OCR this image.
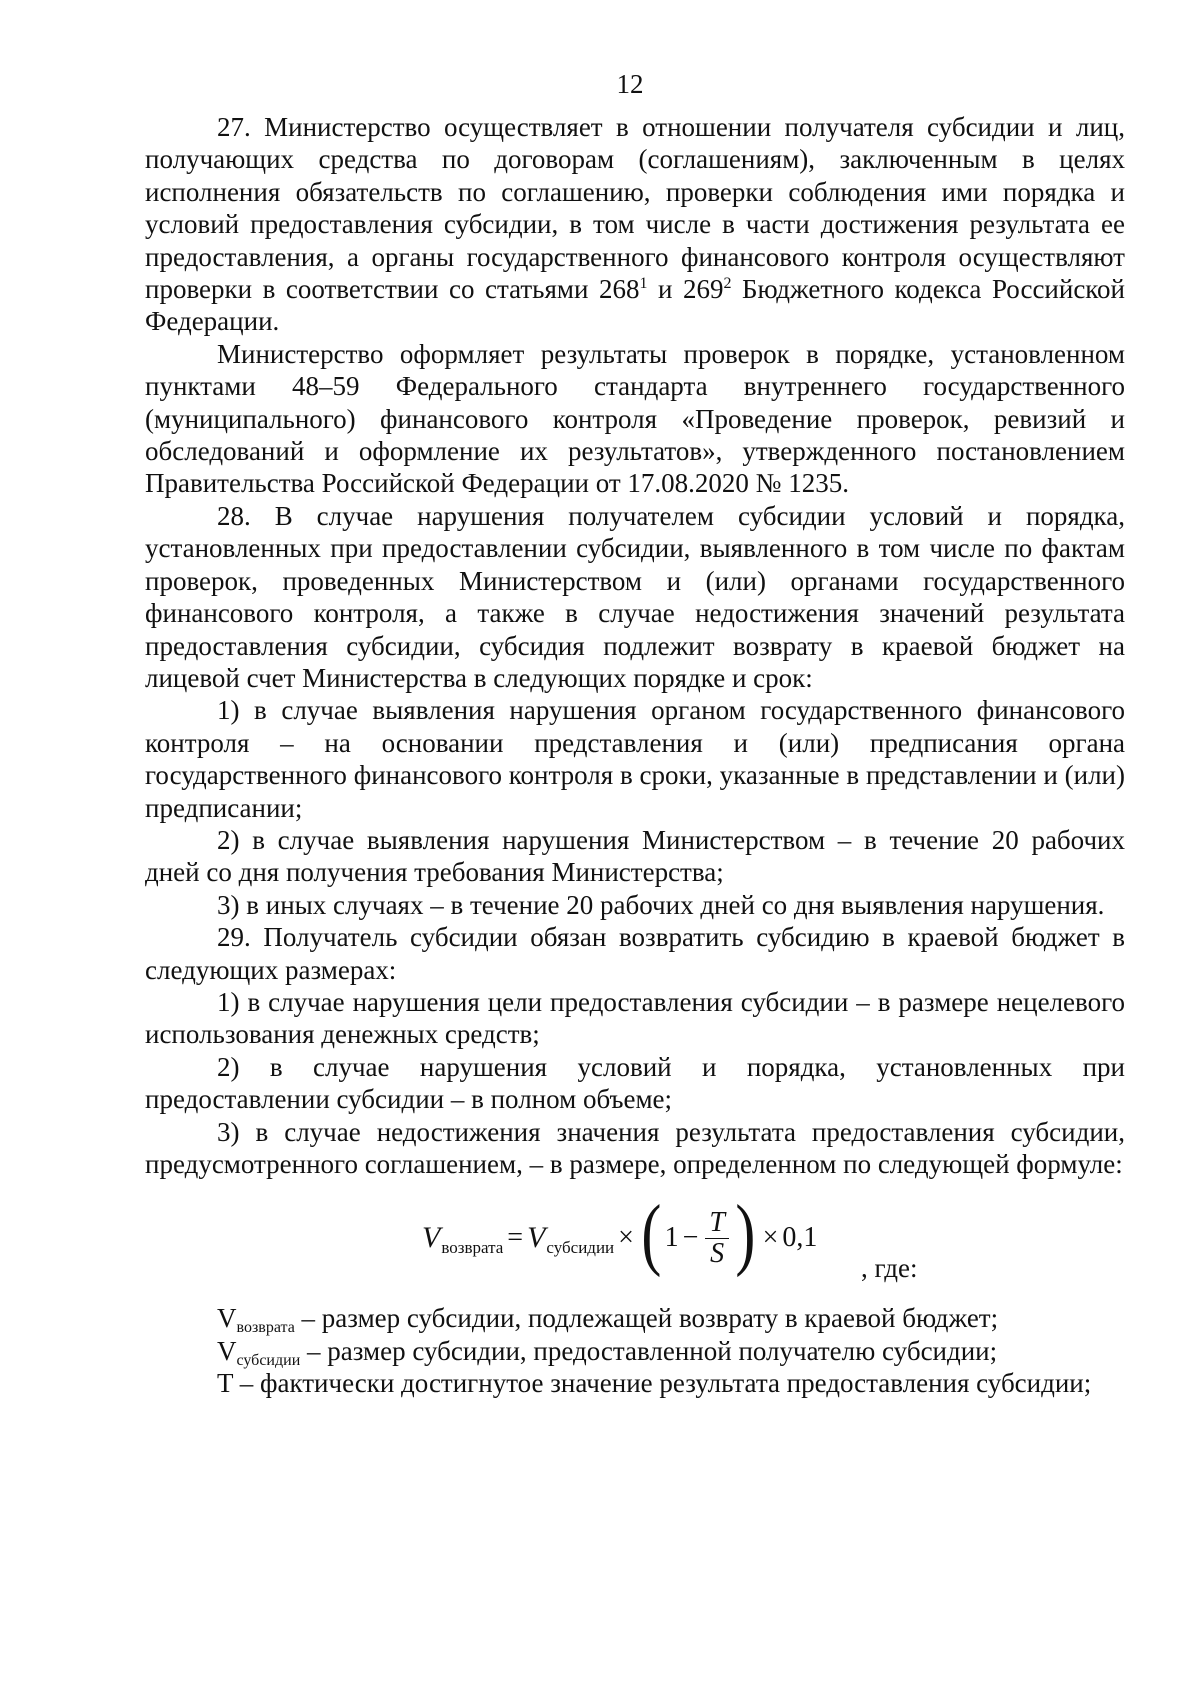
12

27. Министерство осуществляет в отношении получателя субсидии и лиц, получающих средства по договорам (соглашениям), заключенным в целях исполнения обязательств по соглашению, проверки соблюдения ими порядка и условий предоставления субсидии, в том числе в части достижения результата ее предоставления, а органы государственного финансового контроля осуществляют проверки в соответствии со статьями $268^1$ и $269^2$ Бюджетного кодекса Российской Федерации.

Министерство оформляет результаты проверок в порядке, установленном пунктами 48–59 Федерального стандарта внутреннего государственного (муниципального) финансового контроля «Проведение проверок, ревизий и обследований и оформление их результатов», утвержденного постановлением Правительства Российской Федерации от 17.08.2020 № 1235.

28. В случае нарушения получателем субсидии условий и порядка, установленных при предоставлении субсидии, выявленного в том числе по фактам проверок, проведенных Министерством и (или) органами государственного финансового контроля, а также в случае недостижения значений результата предоставления субсидии, субсидия подлежит возврату в краевой бюджет на лицевой счет Министерства в следующих порядке и срок:

1) в случае выявления нарушения органом государственного финансового контроля – на основании представления и (или) предписания органа государственного финансового контроля в сроки, указанные в представлении и (или) предписании;

2) в случае выявления нарушения Министерством – в течение 20 рабочих дней со дня получения требования Министерства;

3) в иных случаях – в течение 20 рабочих дней со дня выявления нарушения.

29. Получатель субсидии обязан возвратить субсидию в краевой бюджет в следующих размерах:

1) в случае нарушения цели предоставления субсидии – в размере нецелевого использования денежных средств;

2) в случае нарушения условий и порядка, установленных при предоставлении субсидии – в полном объеме;

3) в случае недостижения значения результата предоставления субсидии, предусмотренного соглашением, – в размере, определенном по следующей формуле:

V возврата = V субсидии × ( $1 - \frac{T}{S}$ ) × 0,1
, где:

$V_{возврата}$ – размер субсидии, подлежащей возврату в краевой бюджет;

$V_{субсидии}$ – размер субсидии, предоставленной получателю субсидии;

T – фактически достигнутое значение результата предоставления субсидии;
